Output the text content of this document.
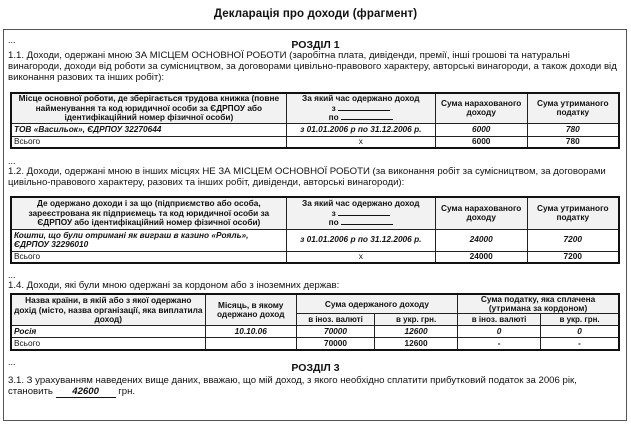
Декларація про доходи (фрагмент)
...	РОЗДІЛ 1
1.1. Доходи, одержані мною ЗА МІСЦЕМ ОСНОВНОЇ РОБОТИ (заробітна плата, дивіденди, премії, інші грошові та натуральні винагороди, доходи від роботи за сумісництвом, за договорами цивільно-правового характеру, авторські винагороди, а також доходи від виконання разових та інших робіт):
Місце основної роботи, де зберігається трудова книжка (повне найменування та код юридичної особи за ЄДРПОУ або ідентифікаційний номер фізичної особи)	За який час одержано доход
з
по	Сума нарахованого доходу	Сума утриманого податку
ТОВ «Васильок», ЄДРПОУ 32270644	з 01.01.2006 р по 31.12.2006 р.	6000	780
Всього	х	6000	780
...
1.2. Доходи, одержані мною в інших місцях НЕ ЗА МІСЦЕМ ОСНОВНОЇ РОБОТИ (за виконання робіт за сумісництвом, за договорами цивільно-правового характеру, разових та інших робіт, дивіденди, авторські винагороди):
Де одержано доходи і за що (підприємство або особа, зареєстрована як підприємець та код юридичної особи за ЄДРПОУ або ідентифікаційний номер фізичної особи)	За який час одержано доход
з
по	Сума нарахованого доходу	Сума утриманого податку

Кошти, що були отримані як виграш в казино «Рояль»,
ЄДРПОУ 32296010	з 01.01.2006 р по 31.12.2006 р.	24000	7200
Всього	х	24000	7200
...
1.4. Доходи, які були мною одержані за кордоном або з іноземних держав:
Назва країни, в якій або з якої одержано дохід (місто, назва організації, яка виплатила доход)	Місяць, в якому одержано доход	Сума одержаного доходу		Сума податку, яка сплачена (утримана за кордоном)	
		в інoз. валюті	в укр. грн.	в інoз. валюті	в укр. грн.
Росія	10.10.06	70000	12600	0	0
Всього		70000	12600	-	-
...	РОЗДІЛ 3
3.1. З урахуванням наведених вище даних, вважаю, що мій доход, з якого необхідно сплатити прибутковий податок за 2006 рік,
становить 42600 грн.
